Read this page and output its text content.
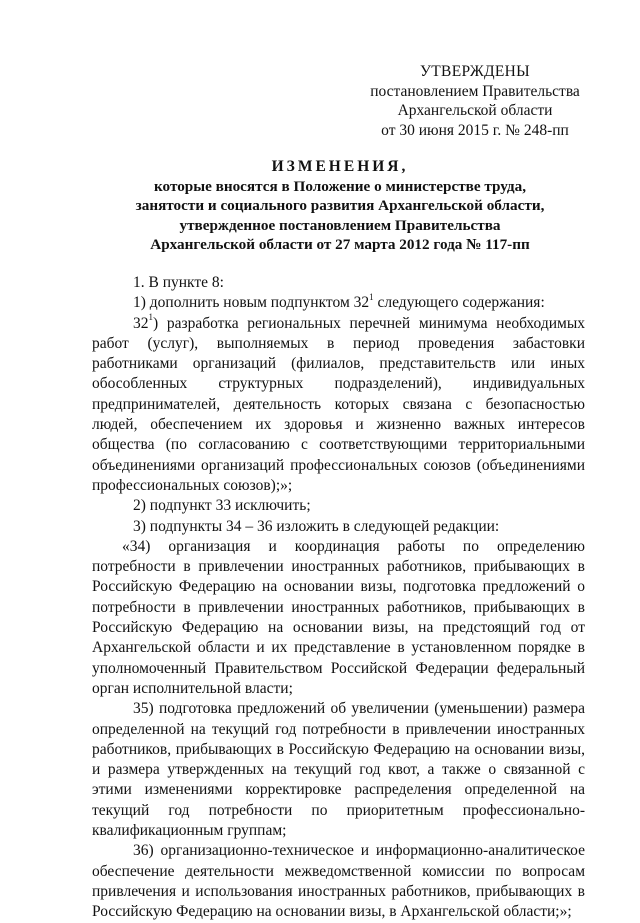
УТВЕРЖДЕНЫ
постановлением Правительства
Архангельской области
от 30 июня 2015 г. № 248-пп
ИЗМЕНЕНИЯ,
которые вносятся в Положение о министерстве труда,
занятости и социального развития Архангельской области,
утвержденное постановлением Правительства
Архангельской области от 27 марта 2012 года № 117-пп

1. В пункте 8:

1) дополнить новым подпунктом $32^1$ следующего содержания:

$32^1$) разработка региональных перечней минимума необходимых работ (услуг), выполняемых в период проведения забастовки работниками организаций (филиалов, представительств или иных обособленных структурных подразделений), индивидуальных предпринимателей, деятельность которых связана с безопасностью людей, обеспечением их здоровья и жизненно важных интересов общества (по согласованию с соответствующими территориальными объединениями организаций профессиональных союзов (объединениями профессиональных союзов);»;

2) подпункт 33 исключить;

3) подпункты 34 – 36 изложить в следующей редакции:

«34) организация и координация работы по определению потребности в привлечении иностранных работников, прибывающих в Российскую Федерацию на основании визы, подготовка предложений о потребности в привлечении иностранных работников, прибывающих в Российскую Федерацию на основании визы, на предстоящий год от Архангельской области и их представление в установленном порядке в уполномоченный Правительством Российской Федерации федеральный орган исполнительной власти;

35) подготовка предложений об увеличении (уменьшении) размера определенной на текущий год потребности в привлечении иностранных работников, прибывающих в Российскую Федерацию на основании визы, и размера утвержденных на текущий год квот, а также о связанной с этими изменениями корректировке распределения определенной на текущий год потребности по приоритетным профессионально-квалификационным группам;

36) организационно-техническое и информационно-аналитическое обеспечение деятельности межведомственной комиссии по вопросам привлечения и использования иностранных работников, прибывающих в Российскую Федерацию на основании визы, в Архангельской области;»;
